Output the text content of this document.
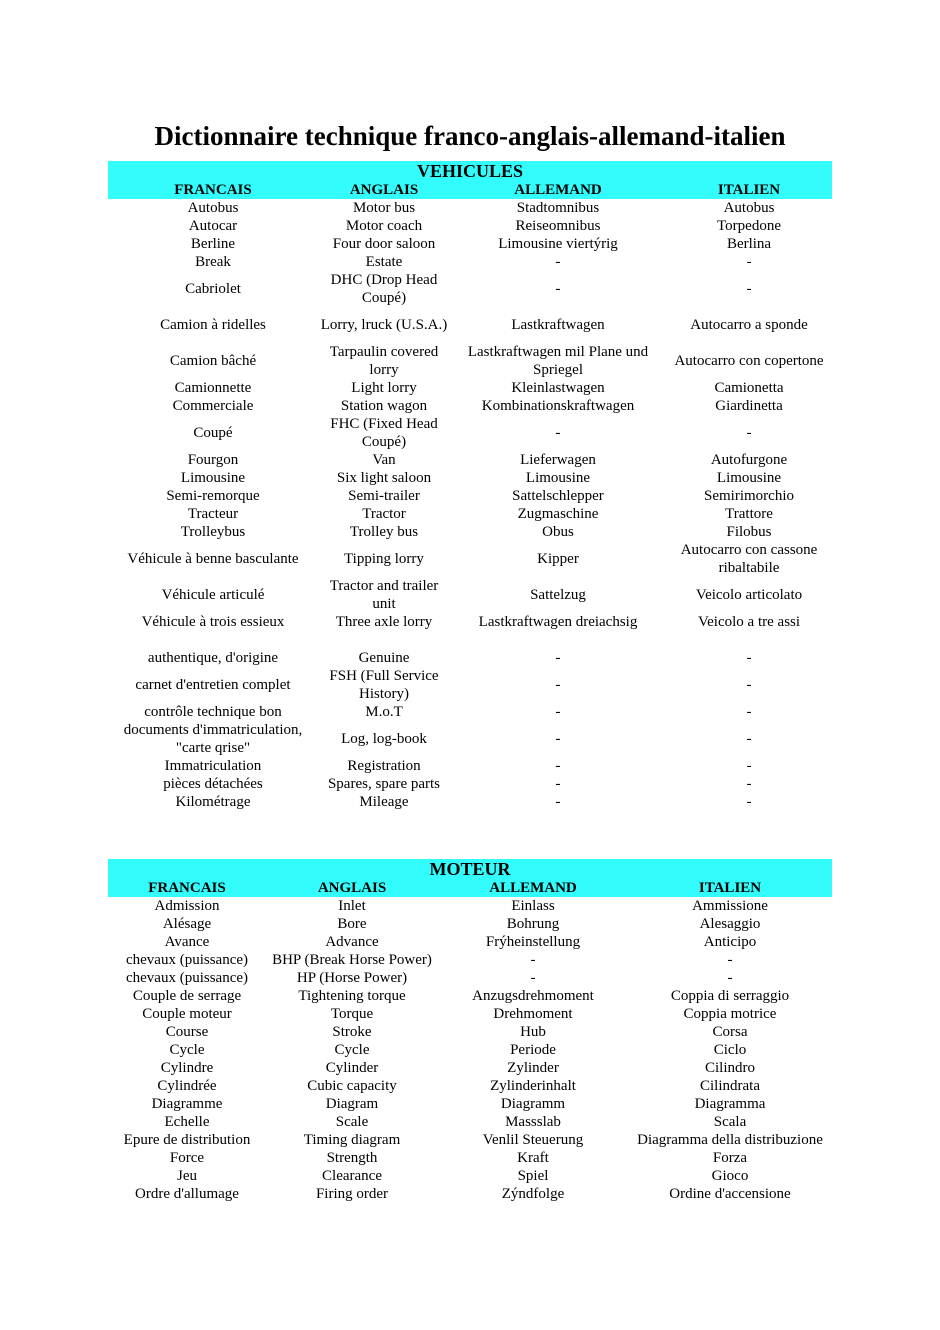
Dictionnaire technique franco-anglais-allemand-italien
VEHICULES			
FRANCAIS	ANGLAIS	ALLEMAND	ITALIEN
Autobus	Motor bus	Stadtomnibus	Autobus
Autocar	Motor coach	Reiseomnibus	Torpedone
Berline	Four door saloon	Limousine viertýrig	Berlina
Break	Estate	-	-
Cabriolet	DHC (Drop Head Coupé)	-	-
Camion à ridelles	Lorry, lruck (U.S.A.)	Lastkraftwagen	Autocarro a sponde
Camion bâché	Tarpaulin covered lorry	Lastkraftwagen mil Plane und Spriegel	Autocarro con copertone
Camionnette	Light lorry	Kleinlastwagen	Camionetta
Commerciale	Station wagon	Kombinationskraftwagen	Giardinetta
Coupé	FHC (Fixed Head Coupé)	-	-
Fourgon	Van	Lieferwagen	Autofurgone
Limousine	Six light saloon	Limousine	Limousine
Semi-remorque	Semi-trailer	Sattelschlepper	Semirimorchio
Tracteur	Tractor	Zugmaschine	Trattore
Trolleybus	Trolley bus	Obus	Filobus
Véhicule à benne basculante	Tipping lorry	Kipper	Autocarro con cassone ribaltabile
Véhicule articulé	Tractor and trailer unit	Sattelzug	Veicolo articolato
Véhicule à trois essieux	Three axle lorry	Lastkraftwagen dreiachsig	Veicolo a tre assi

authentique, d'origine	Genuine	-	-
carnet d'entretien complet	FSH (Full Service History)	-	-
contrôle technique bon	M.o.T	-	-
documents d'immatriculation, "carte qrise"	Log, log-book	-	-
Immatriculation	Registration	-	-
pièces détachées	Spares, spare parts	-	-
Kilométrage	Mileage	-	-
MOTEUR			
FRANCAIS	ANGLAIS	ALLEMAND	ITALIEN
Admission	Inlet	Einlass	Ammissione
Alésage	Bore	Bohrung	Alesaggio
Avance	Advance	Frýheinstellung	Anticipo
chevaux (puissance)	BHP (Break Horse Power)	-	-
chevaux (puissance)	HP (Horse Power)	-	-
Couple de serrage	Tightening torque	Anzugsdrehmoment	Coppia di serraggio
Couple moteur	Torque	Drehmoment	Coppia motrice
Course	Stroke	Hub	Corsa
Cycle	Cycle	Periode	Ciclo
Cylindre	Cylinder	Zylinder	Cilindro
Cylindrée	Cubic capacity	Zylinderinhalt	Cilindrata
Diagramme	Diagram	Diagramm	Diagramma
Echelle	Scale	Massslab	Scala
Epure de distribution	Timing diagram	Venlil Steuerung	Diagramma della distribuzione
Force	Strength	Kraft	Forza
Jeu	Clearance	Spiel	Gioco
Ordre d'allumage	Firing order	Zýndfolge	Ordine d'accensione
